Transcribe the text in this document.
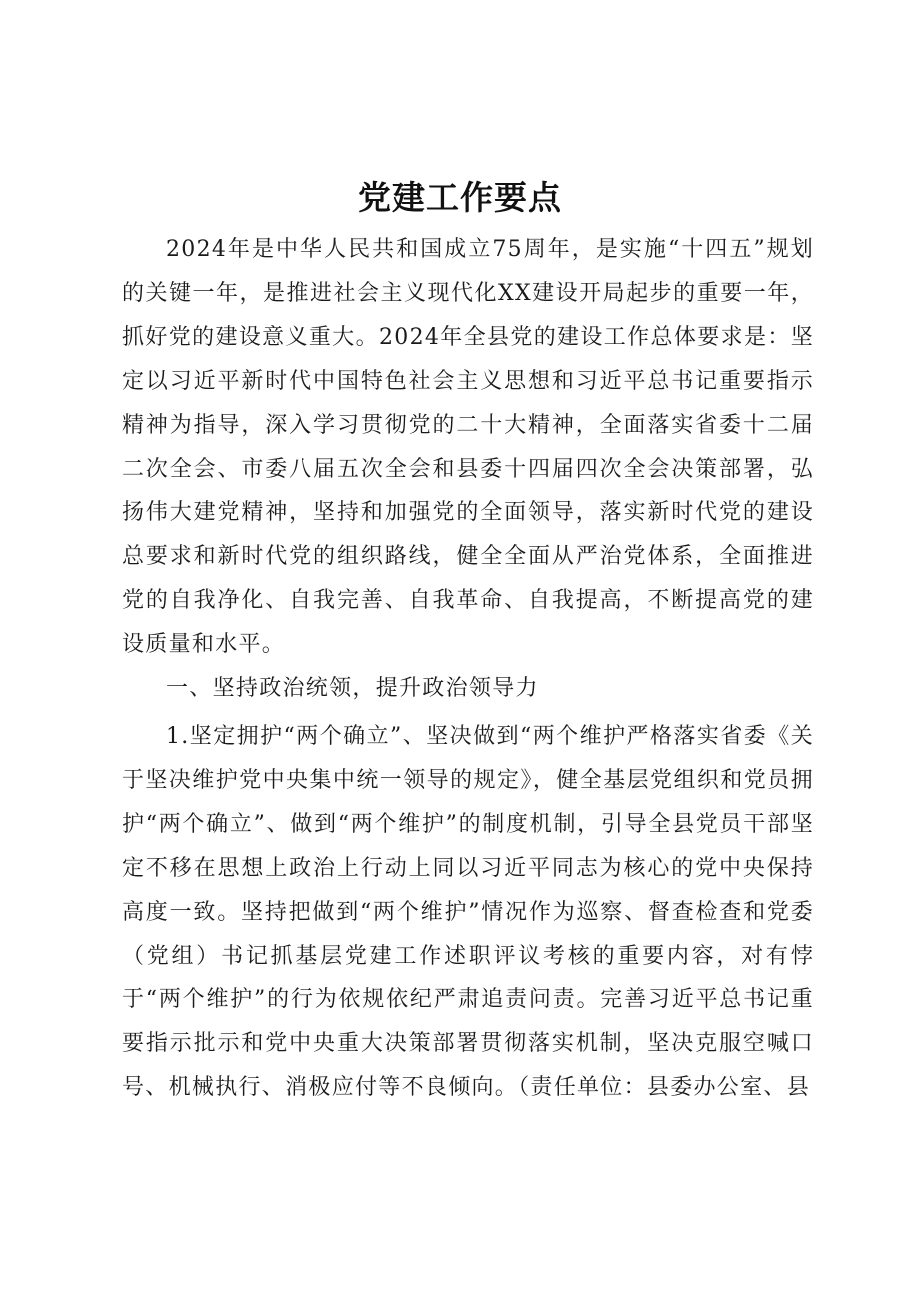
党建工作要点

2024年是中华人民共和国成立75周年，是实施“十四五”规划的关键一年，是推进社会主义现代化XX建设开局起步的重要一年，抓好党的建设意义重大。2024年全县党的建设工作总体要求是：坚定以习近平新时代中国特色社会主义思想和习近平总书记重要指示精神为指导，深入学习贯彻党的二十大精神，全面落实省委十二届二次全会、市委八届五次全会和县委十四届四次全会决策部署，弘扬伟大建党精神，坚持和加强党的全面领导，落实新时代党的建设总要求和新时代党的组织路线，健全全面从严治党体系，全面推进党的自我净化、自我完善、自我革命、自我提高，不断提高党的建设质量和水平。

一、坚持政治统领，提升政治领导力

1.坚定拥护“两个确立”、坚决做到“两个维护严格落实省委《关于坚决维护党中央集中统一领导的规定》，健全基层党组织和党员拥护“两个确立”、做到“两个维护”的制度机制，引导全县党员干部坚定不移在思想上政治上行动上同以习近平同志为核心的党中央保持高度一致。坚持把做到“两个维护”情况作为巡察、督查检查和党委（党组）书记抓基层党建工作述职评议考核的重要内容，对有悖于“两个维护”的行为依规依纪严肃追责问责。完善习近平总书记重要指示批示和党中央重大决策部署贯彻落实机制，坚决克服空喊口号、机械执行、消极应付等不良倾向。（责任单位：县委办公室、县
